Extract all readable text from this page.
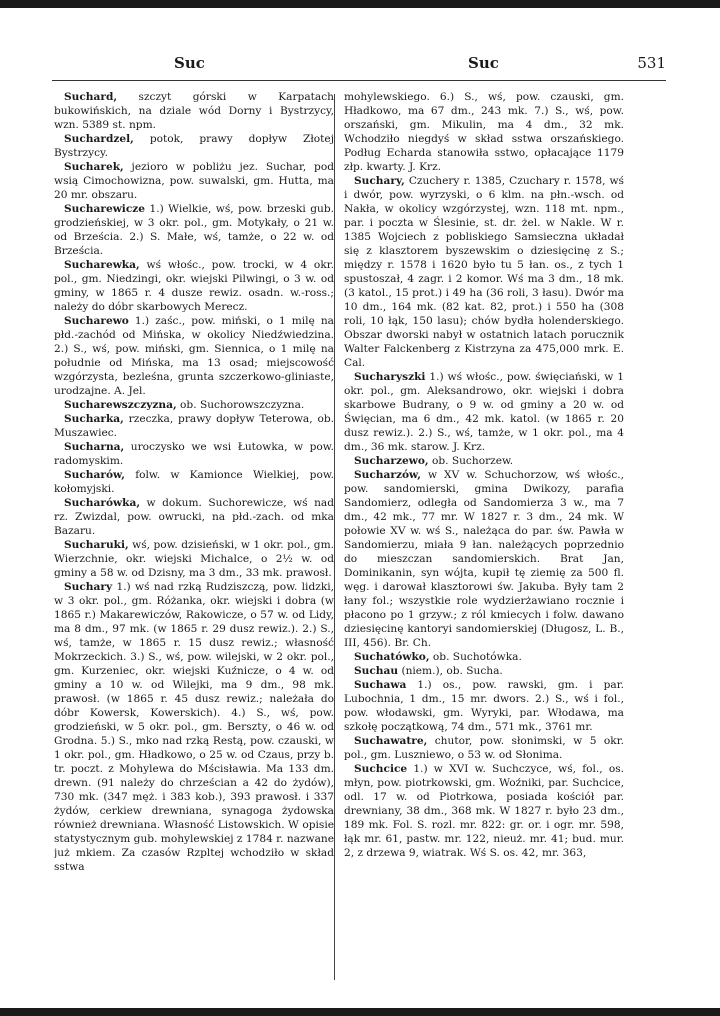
Suc	Suc	531

Suchard, szczyt górski w Karpatach bukowińskich, na dziale wód Dorny i Bystrzycy, wzn. 5389 st. npm.

Suchardzel, potok, prawy dopływ Złotej Bystrzycy.

Sucharek, jezioro w pobliżu jez. Suchar, pod wsią Cimochowizna, pow. suwalski, gm. Hutta, ma 20 mr. obszaru.

Sucharewicze 1.) Wielkie, wś, pow. brzeski gub. grodzieńskiej, w 3 okr. pol., gm. Motykały, o 21 w. od Brześcia. 2.) S. Małe, wś, tamże, o 22 w. od Brześcia.

Sucharewka, wś włośc., pow. trocki, w 4 okr. pol., gm. Niedzingi, okr. wiejski Pilwingi, o 3 w. od gminy, w 1865 r. 4 dusze rewiz. osadn. w.-ross.; należy do dóbr skarbowych Merecz.

Sucharewo 1.) zaśc., pow. miński, o 1 milę na płd.-zachód od Mińska, w okolicy Niedźwiedzina. 2.) S., wś, pow. miński, gm. Siennica, o 1 milę na południe od Mińska, ma 13 osad; miejscowość wzgórzysta, bezleśna, grunta szczerkowo-gliniaste, urodzajne. A. Jel.

Sucharewszczyzna, ob. Suchorowszczyzna.

Sucharka, rzeczka, prawy dopływ Teterowa, ob. Muszawiec.

Sucharna, uroczysko we wsi Łutowka, w pow. radomyskim.

Sucharów, folw. w Kamionce Wielkiej, pow. kołomyjski.

Sucharówka, w dokum. Suchorewicze, wś nad rz. Zwizdal, pow. owrucki, na płd.-zach. od mka Bazaru.

Sucharuki, wś, pow. dzisieński, w 1 okr. pol., gm. Wierzchnie, okr. wiejski Michalce, o 2½ w. od gminy a 58 w. od Dzisny, ma 3 dm., 33 mk. prawosł.

Suchary 1.) wś nad rzką Rudziszczą, pow. lidzki, w 3 okr. pol., gm. Różanka, okr. wiejski i dobra (w 1865 r.) Makarewiczów, Rakowicze, o 57 w. od Lidy, ma 8 dm., 97 mk. (w 1865 r. 29 dusz rewiz.). 2.) S., wś, tamże, w 1865 r. 15 dusz rewiz.; własność Mokrzeckich. 3.) S., wś, pow. wilejski, w 2 okr. pol., gm. Kurzeniec, okr. wiejski Kuźnicze, o 4 w. od gminy a 10 w. od Wilejki, ma 9 dm., 98 mk. prawosł. (w 1865 r. 45 dusz rewiz.; należała do dóbr Kowersk, Kowerskich). 4.) S., wś, pow. grodzieński, w 5 okr. pol., gm. Bersztу, o 46 w. od Grodna. 5.) S., mko nad rzką Restą, pow. czauski, w 1 okr. pol., gm. Hładkowo, o 25 w. od Czaus, przy b. tr. poczt. z Mohylewa do Mścisławia. Ma 133 dm. drewn. (91 należy do chrześcian a 42 do żydów), 730 mk. (347 męż. i 383 kob.), 393 prawosł. i 337 żydów, cerkiew drewniana, synagoga żydowska również drewniana. Własność Listowskich. W opisie statystycznym gub. mohylewskiej z 1784 r. nazwane już mkiem. Za czasów Rzpltej wchodziło w skład sstwa

mohylewskiego. 6.) S., wś, pow. czauski, gm. Hładkowo, ma 67 dm., 243 mk. 7.) S., wś, pow. orszański, gm. Mikulin, ma 4 dm., 32 mk. Wchodziło niegdyś w skład sstwa orszańskiego. Podług Echarda stanowiła sstwo, opłacające 1179 złp. kwarty. J. Krz.

Suchary, Czuchery r. 1385, Czuchary r. 1578, wś i dwór, pow. wyrzyski, o 6 klm. na płn.-wsch. od Nakła, w okolicy wzgórzystej, wzn. 118 mt. npm., par. i poczta w Ślesinie, st. dr. żel. w Nakle. W r. 1385 Wojciech z pobliskiego Samsieczna układał się z klasztorem byszewskim o dziesięcinę z S.; między r. 1578 i 1620 było tu 5 łan. os., z tych 1 spustoszał, 4 zagr. i 2 komor. Wś ma 3 dm., 18 mk. (3 katol., 15 prot.) i 49 ha (36 roli, 3 łasu). Dwór ma 10 dm., 164 mk. (82 kat. 82, prot.) i 550 ha (308 roli, 10 łąk, 150 lasu); chów bydła holenderskiego. Obszar dworski nabył w ostatnich latach porucznik Walter Falckenberg z Kistrzyna za 475,000 mrk. E. Cal.

Sucharyszki 1.) wś włośc., pow. święciański, w 1 okr. pol., gm. Aleksandrowo, okr. wiejski i dobra skarbowe Budrany, o 9 w. od gminy a 20 w. od Święcian, ma 6 dm., 42 mk. katol. (w 1865 r. 20 dusz rewiz.). 2.) S., wś, tamże, w 1 okr. pol., ma 4 dm., 36 mk. starow. J. Krz.

Sucharzewo, ob. Suchorzew.

Sucharzów, w XV w. Schuchorzow, wś włośc., pow. sandomierski, gmina Dwikozy, parafia Sandomierz, odległa od Sandomierza 3 w., ma 7 dm., 42 mk., 77 mr. W 1827 r. 3 dm., 24 mk. W połowie XV w. wś S., należąca do par. św. Pawła w Sandomierzu, miała 9 łan. należących poprzednio do mieszczan sandomierskich. Brat Jan, Dominikanin, syn wójta, kupił tę ziemię za 500 fl. węg. i darował klasztorowi św. Jakuba. Były tam 2 łany fol.; wszystkie role wydzierżawiano rocznie i płacono po 1 grzyw.; z ról kmiecych i folw. dawano dziesięcinę kantoryi sandomierskiej (Długosz, L. B., III, 456). Br. Ch.

Suchatówko, ob. Suchotówka.

Suchau (niem.), ob. Sucha.

Suchawa 1.) os., pow. rawski, gm. i par. Lubochnia, 1 dm., 15 mr. dwors. 2.) S., wś i fol., pow. włodawski, gm. Wyryki, par. Włodawa, ma szkołę początkową, 74 dm., 571 mk., 3761 mr.

Suchawatre, chutor, pow. słonimski, w 5 okr. pol., gm. Luszniewo, o 53 w. od Słonima.

Suchcice 1.) w XVI w. Suchczyce, wś, fol., os. młyn, pow. piotrkowski, gm. Woźniki, par. Suchcice, odl. 17 w. od Piotrkowa, posiada kościół par. drewniany, 38 dm., 368 mk. W 1827 r. było 23 dm., 189 mk. Fol. S. rozl. mr. 822: gr. or. i ogr. mr. 598, łąk mr. 61, pastw. mr. 122, nieuż. mr. 41; bud. mur. 2, z drzewa 9, wiatrak. Wś S. os. 42, mr. 363,
